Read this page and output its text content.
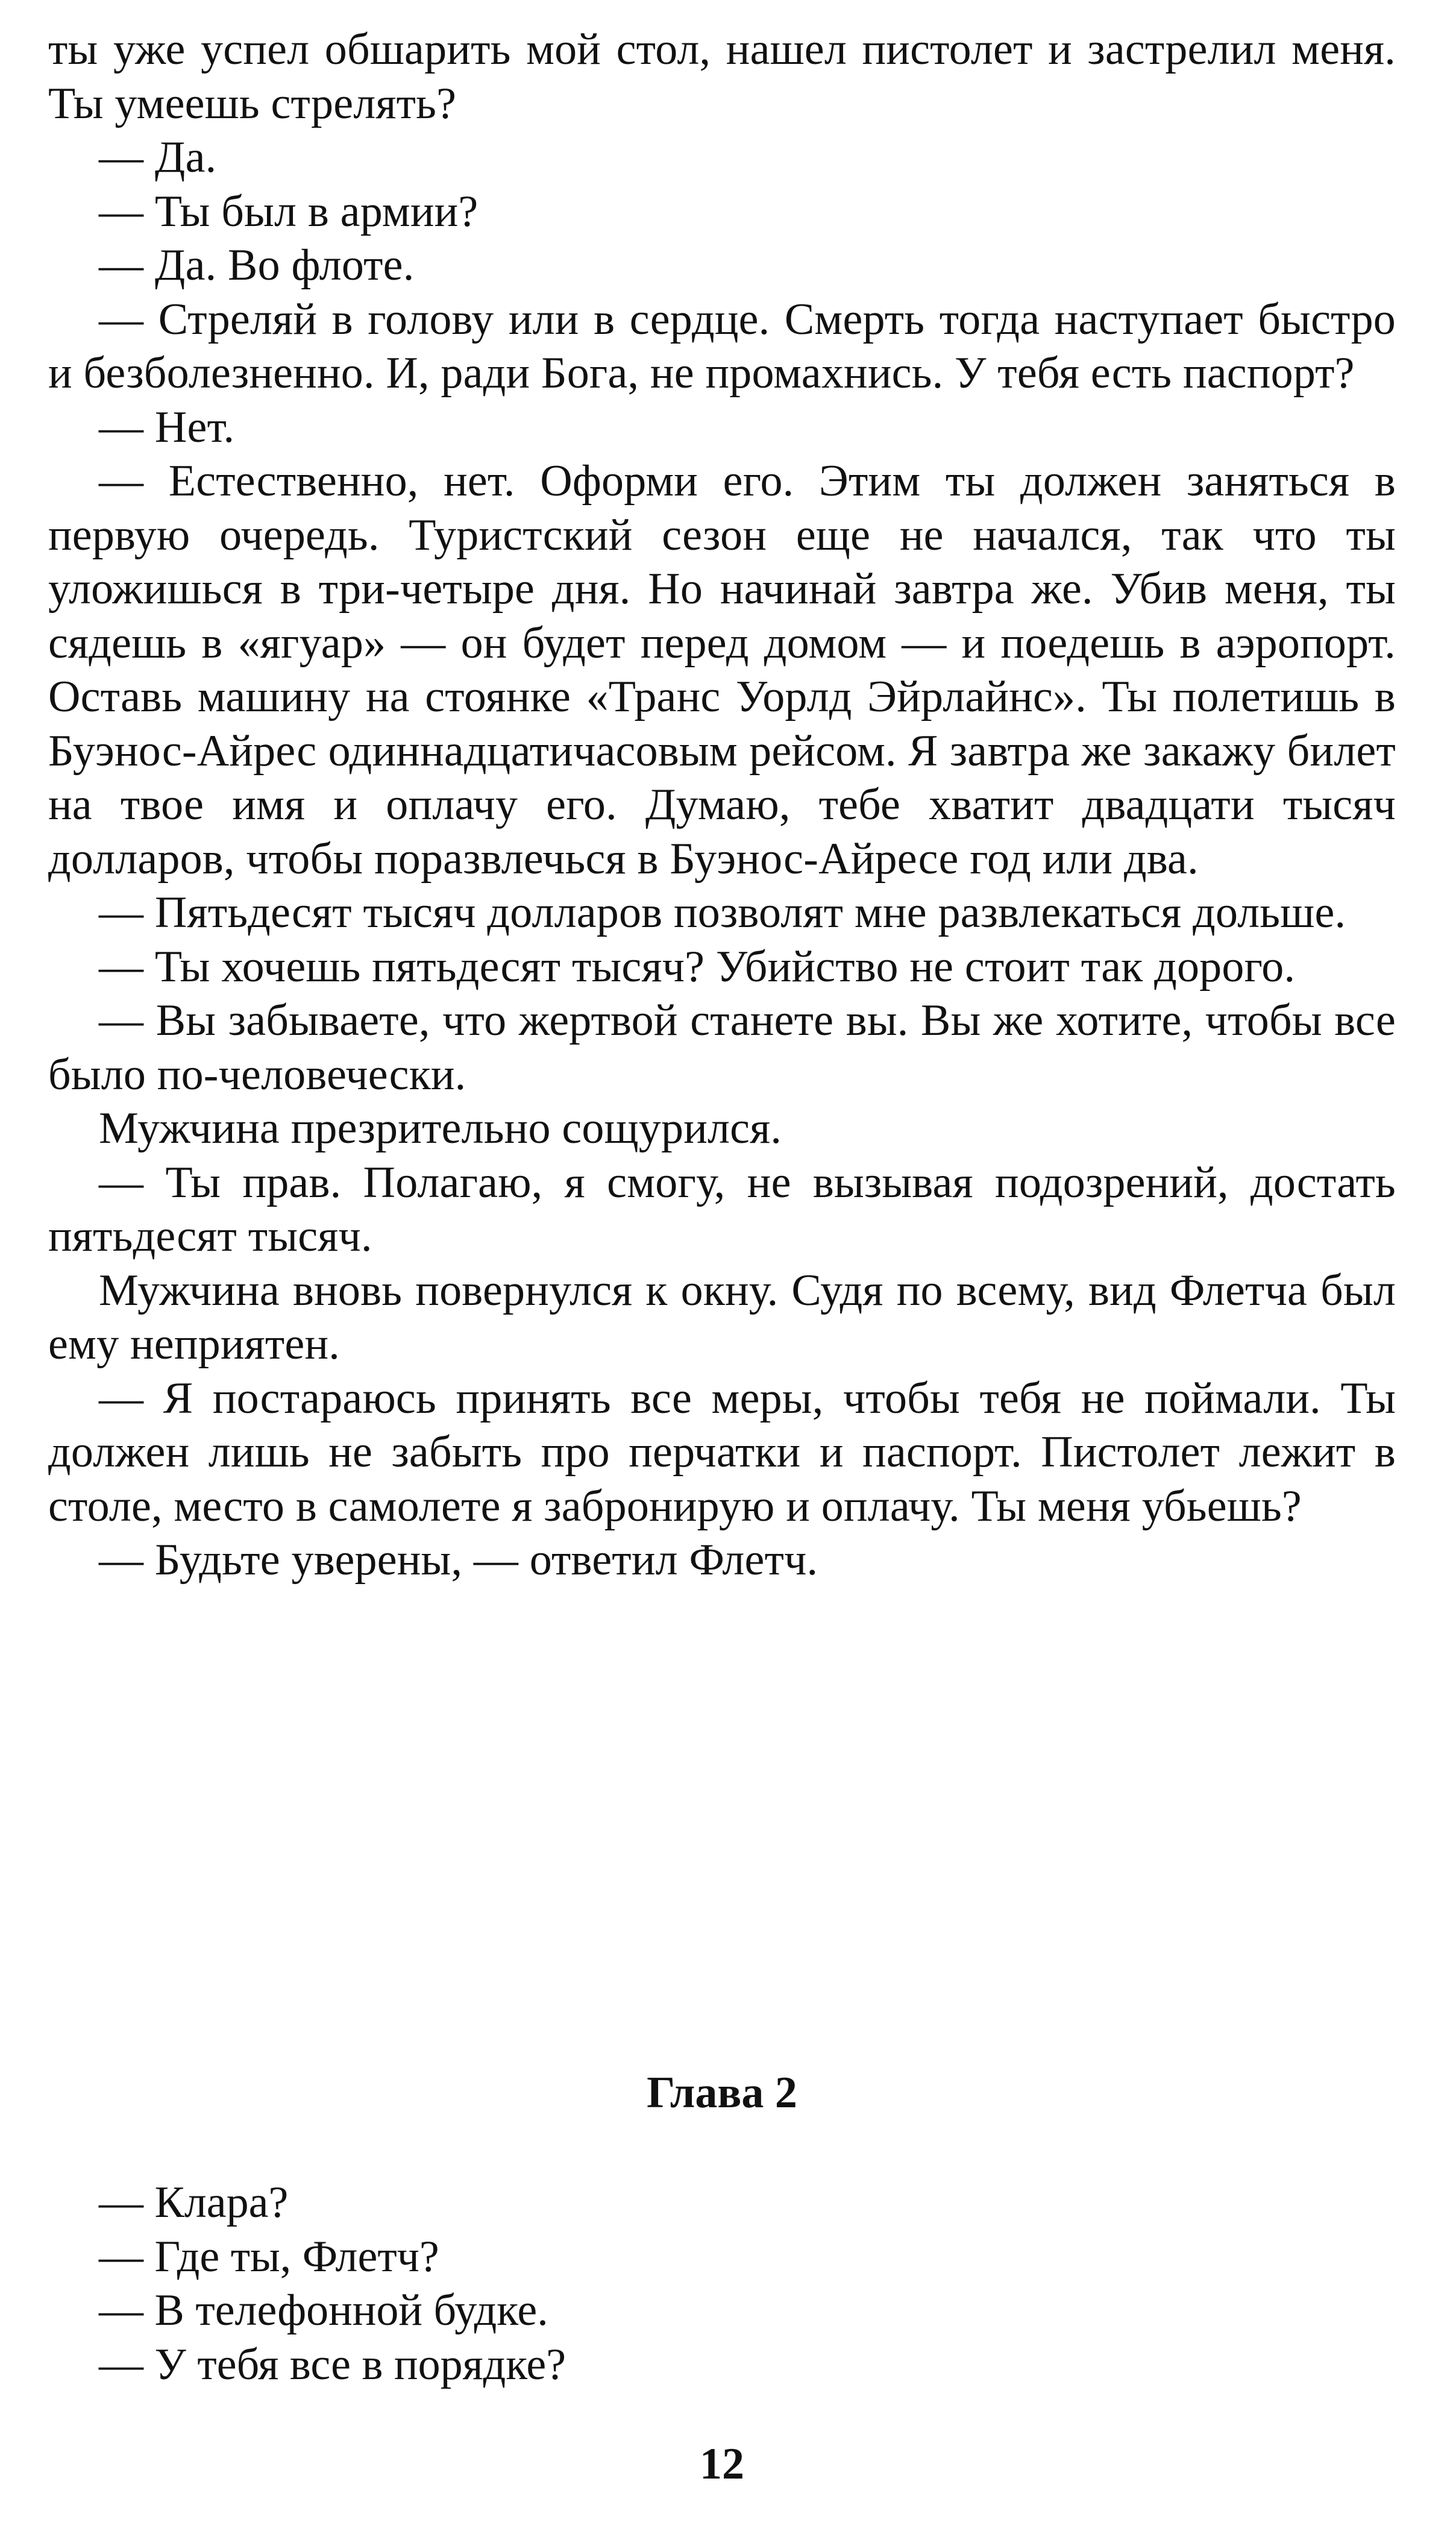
ты уже успел обшарить мой стол, нашел пистолет и застрелил меня. Ты умеешь стрелять?

— Да.

— Ты был в армии?

— Да. Во флоте.

— Стреляй в голову или в сердце. Смерть тогда наступает быстро и безболезненно. И, ради Бога, не промахнись. У тебя есть паспорт?

— Нет.

— Естественно, нет. Оформи его. Этим ты должен заняться в первую очередь. Туристский сезон еще не начался, так что ты уложишься в три-четыре дня. Но начинай завтра же. Убив меня, ты сядешь в «ягуар» — он будет перед домом — и поедешь в аэропорт. Оставь машину на стоянке «Транс Уорлд Эйрлайнс». Ты полетишь в Буэнос-Айрес одиннадцатичасовым рейсом. Я завтра же закажу билет на твое имя и оплачу его. Думаю, тебе хватит двадцати тысяч долларов, чтобы поразвлечься в Буэнос-Айресе год или два.

— Пятьдесят тысяч долларов позволят мне развлекаться дольше.

— Ты хочешь пятьдесят тысяч? Убийство не стоит так дорого.

— Вы забываете, что жертвой станете вы. Вы же хотите, чтобы все было по-человечески.

Мужчина презрительно сощурился.

— Ты прав. Полагаю, я смогу, не вызывая подозрений, достать пятьдесят тысяч.

Мужчина вновь повернулся к окну. Судя по всему, вид Флетча был ему неприятен.

— Я постараюсь принять все меры, чтобы тебя не поймали. Ты должен лишь не забыть про перчатки и паспорт. Пистолет лежит в столе, место в самолете я забронирую и оплачу. Ты меня убьешь?

— Будьте уверены, — ответил Флетч.

Глава 2

— Клара?

— Где ты, Флетч?

— В телефонной будке.

— У тебя все в порядке?

12
